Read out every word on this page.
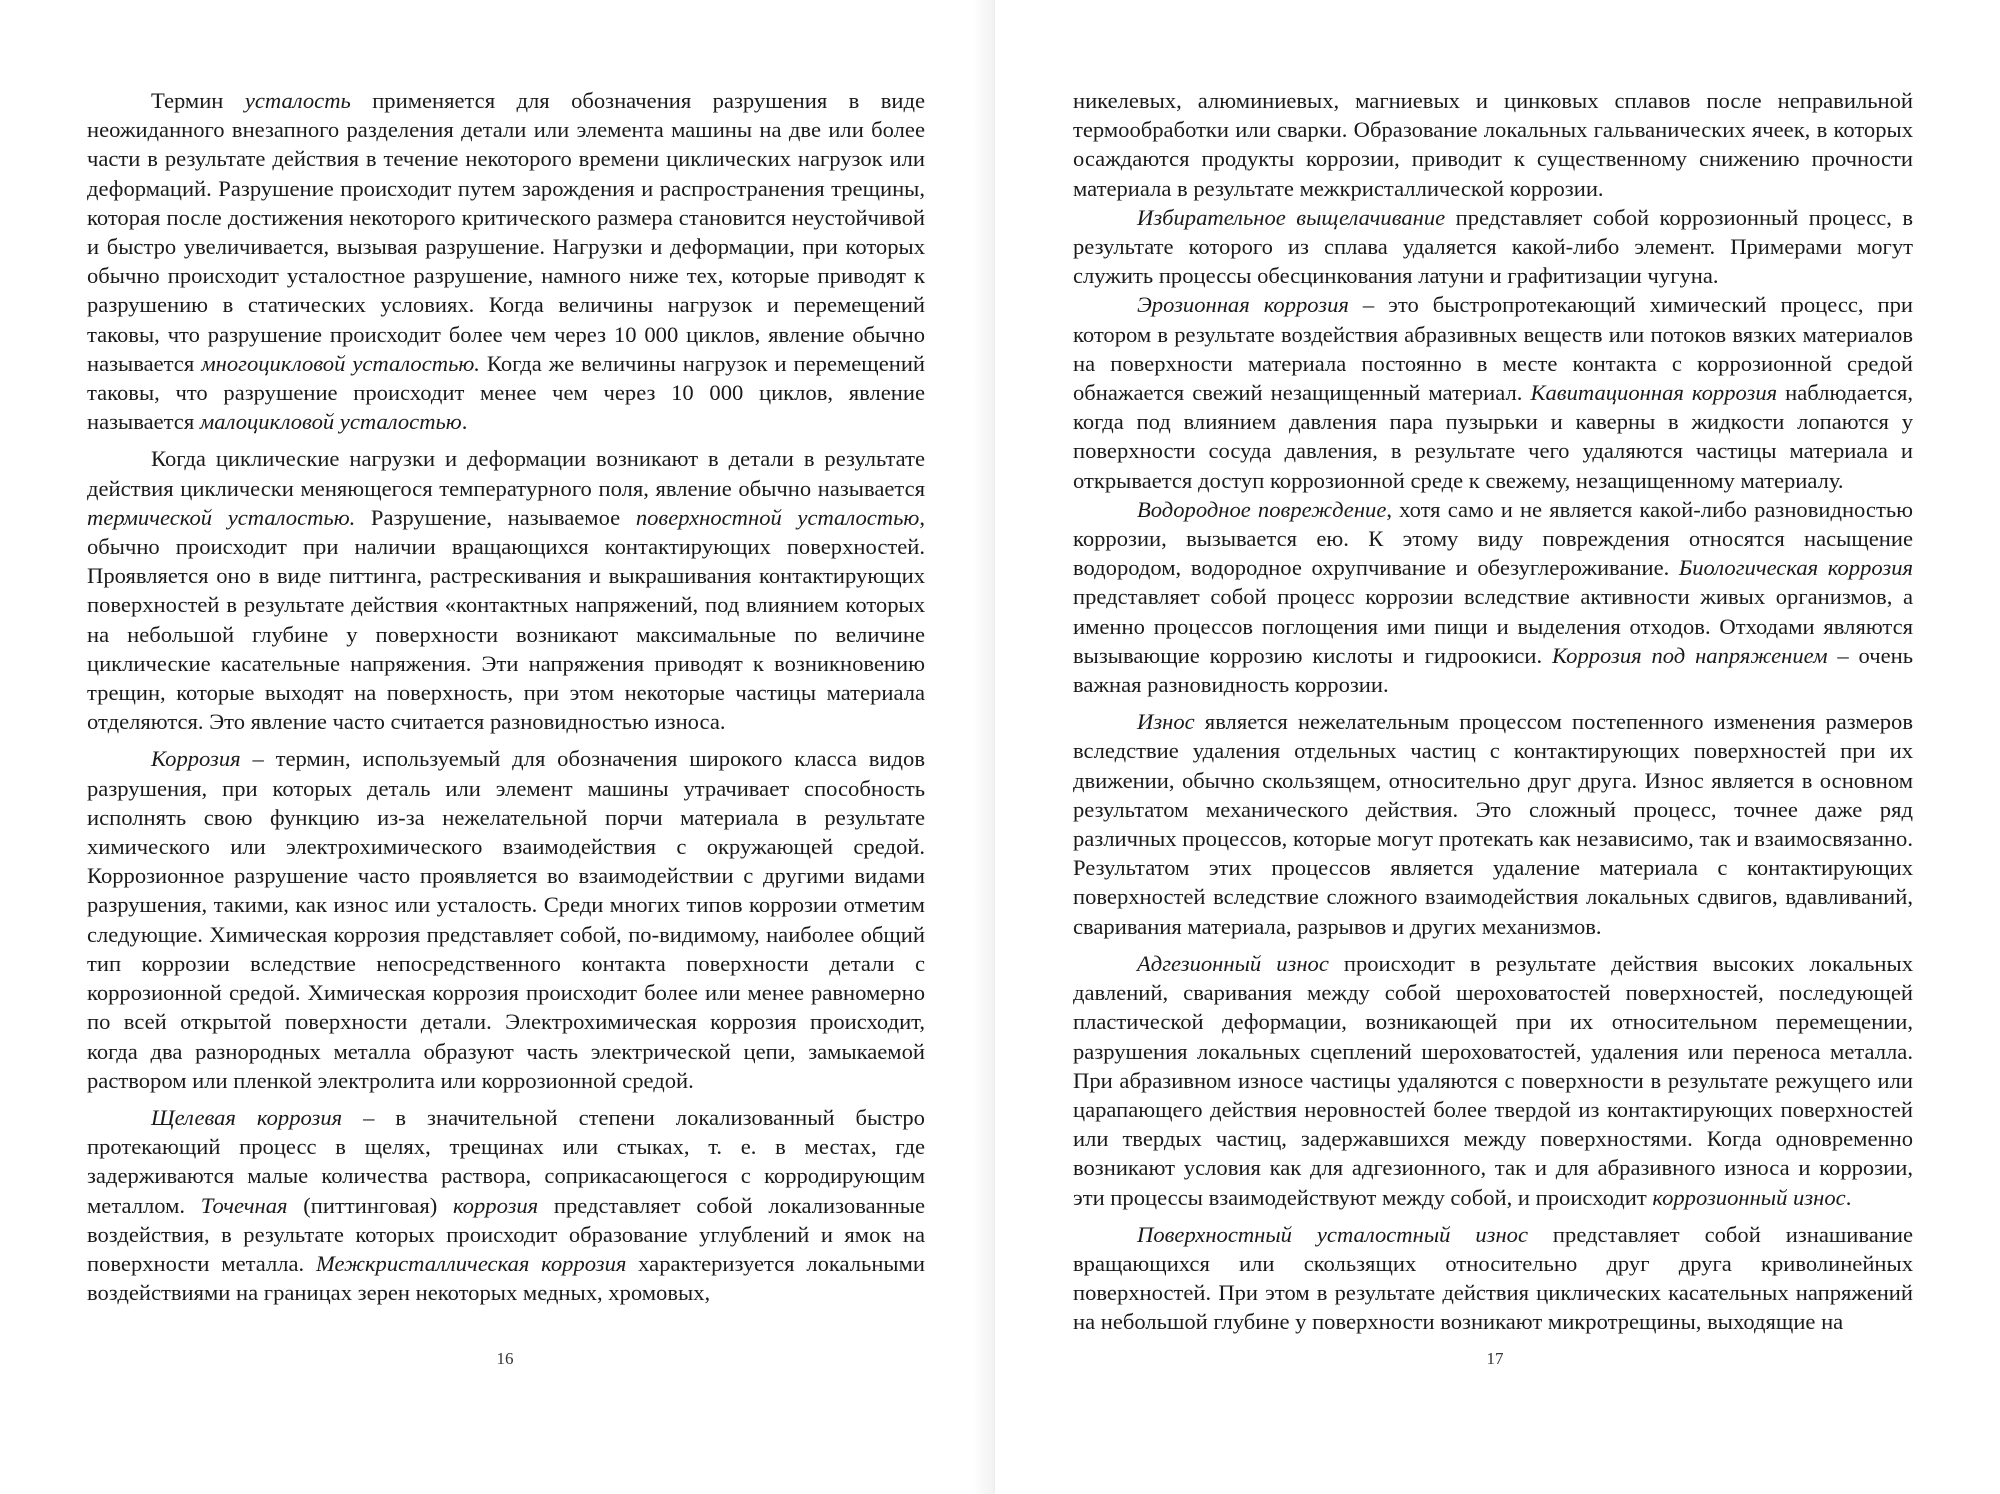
Термин усталость применяется для обозначения разрушения в виде неожиданного внезапного разделения детали или элемента машины на две или более части в результате действия в течение некоторого времени циклических нагрузок или деформаций. Разрушение происходит путем зарождения и распространения трещины, которая после достижения некоторого критического размера становится неустойчивой и быстро увеличивается, вызывая разрушение. Нагрузки и деформации, при которых обычно происходит усталостное разрушение, намного ниже тех, которые приводят к разрушению в статических условиях. Когда величины нагрузок и перемещений таковы, что разрушение происходит более чем через 10 000 циклов, явление обычно называется многоцикловой усталостью. Когда же величины нагрузок и перемещений таковы, что разрушение происходит менее чем через 10 000 циклов, явление называется малоцикловой усталостью.

Когда циклические нагрузки и деформации возникают в детали в результате действия циклически меняющегося температурного поля, явление обычно называется термической усталостью. Разрушение, называемое поверхностной усталостью, обычно происходит при наличии вращающихся контактирующих поверхностей. Проявляется оно в виде питтинга, растрескивания и выкрашивания контактирующих поверхностей в результате действия «контактных напряжений, под влиянием которых на небольшой глубине у поверхности возникают максимальные по величине циклические касательные напряжения. Эти напряжения приводят к возникновению трещин, которые выходят на поверхность, при этом некоторые частицы материала отделяются. Это явление часто считается разновидностью износа.

Коррозия – термин, используемый для обозначения широкого класса видов разрушения, при которых деталь или элемент машины утрачивает способность исполнять свою функцию из-за нежелательной порчи материала в результате химического или электрохимического взаимодействия с окружающей средой. Коррозионное разрушение часто проявляется во взаимодействии с другими видами разрушения, такими, как износ или усталость. Среди многих типов коррозии отметим следующие. Химическая коррозия представляет собой, по-видимому, наиболее общий тип коррозии вследствие непосредственного контакта поверхности детали с коррозионной средой. Химическая коррозия происходит более или менее равномерно по всей открытой поверхности детали. Электрохимическая коррозия происходит, когда два разнородных металла образуют часть электрической цепи, замыкаемой раствором или пленкой электролита или коррозионной средой.

Щелевая коррозия – в значительной степени локализованный быстро протекающий процесс в щелях, трещинах или стыках, т. е. в местах, где задерживаются малые количества раствора, соприкасающегося с корродирующим металлом. Точечная (питтинговая) коррозия представляет собой локализованные воздействия, в результате которых происходит образование углублений и ямок на поверхности металла. Межкристаллическая коррозия характеризуется локальными воздействиями на границах зерен некоторых медных, хромовых,

16

никелевых, алюминиевых, магниевых и цинковых сплавов после неправильной термообработки или сварки. Образование локальных гальванических ячеек, в которых осаждаются продукты коррозии, приводит к существенному снижению прочности материала в результате межкристаллической коррозии.

Избирательное выщелачивание представляет собой коррозионный процесс, в результате которого из сплава удаляется какой-либо элемент. Примерами могут служить процессы обесцинкования латуни и графитизации чугуна.

Эрозионная коррозия – это быстропротекающий химический процесс, при котором в результате воздействия абразивных веществ или потоков вязких материалов на поверхности материала постоянно в месте контакта с коррозионной средой обнажается свежий незащищенный материал. Кавитационная коррозия наблюдается, когда под влиянием давления пара пузырьки и каверны в жидкости лопаются у поверхности сосуда давления, в результате чего удаляются частицы материала и открывается доступ коррозионной среде к свежему, незащищенному материалу.

Водородное повреждение, хотя само и не является какой-либо разновидностью коррозии, вызывается ею. К этому виду повреждения относятся насыщение водородом, водородное охрупчивание и обезуглероживание. Биологическая коррозия представляет собой процесс коррозии вследствие активности живых организмов, а именно процессов поглощения ими пищи и выделения отходов. Отходами являются вызывающие коррозию кислоты и гидроокиси. Коррозия под напряжением – очень важная разновидность коррозии.

Износ является нежелательным процессом постепенного изменения размеров вследствие удаления отдельных частиц с контактирующих поверхностей при их движении, обычно скользящем, относительно друг друга. Износ является в основном результатом механического действия. Это сложный процесс, точнее даже ряд различных процессов, которые могут протекать как независимо, так и взаимосвязанно. Результатом этих процессов является удаление материала с контактирующих поверхностей вследствие сложного взаимодействия локальных сдвигов, вдавливаний, сваривания материала, разрывов и других механизмов.

Адгезионный износ происходит в результате действия высоких локальных давлений, сваривания между собой шероховатостей поверхностей, последующей пластической деформации, возникающей при их относительном перемещении, разрушения локальных сцеплений шероховатостей, удаления или переноса металла. При абразивном износе частицы удаляются с поверхности в результате режущего или царапающего действия неровностей более твердой из контактирующих поверхностей или твердых частиц, задержавшихся между поверхностями. Когда одновременно возникают условия как для адгезионного, так и для абразивного износа и коррозии, эти процессы взаимодействуют между собой, и происходит коррозионный износ.

Поверхностный усталостный износ представляет собой изнашивание вращающихся или скользящих относительно друг друга криволинейных поверхностей. При этом в результате действия циклических касательных напряжений на небольшой глубине у поверхности возникают микротрещины, выходящие на

17
